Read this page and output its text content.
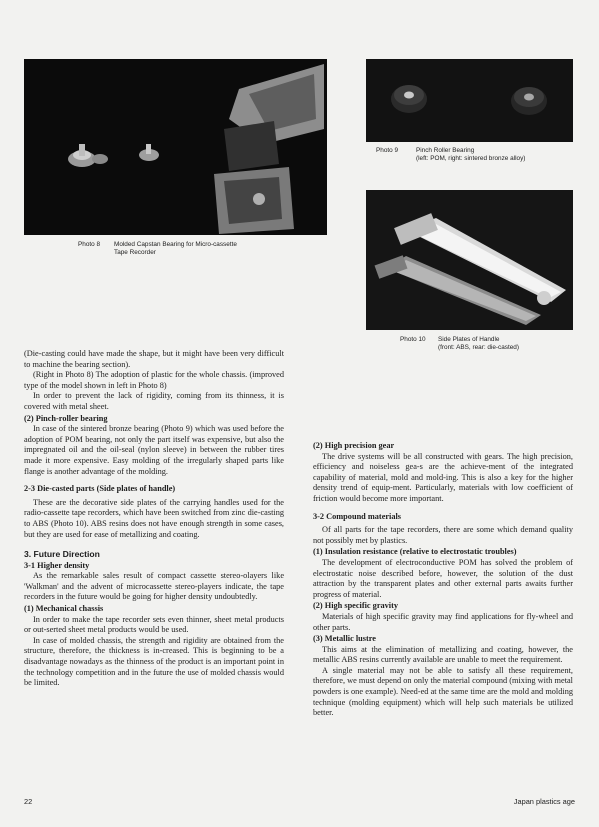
Photo 8 Molded Capstan Bearing for Micro-cassette
Tape Recorder
Photo 9	Pinch Roller Bearing
(left: POM, right: sintered bronze alloy)
Photo 10 Side Plates of Handle
(front: ABS, rear: die-casted)

(Die-casting could have made the shape, but it might have been very difficult to machine the bearing section).

(Right in Photo 8) The adoption of plastic for the whole chassis. (improved type of the model shown in left in Photo 8)

In order to prevent the lack of rigidity, coming from its thinness, it is covered with metal sheet.

(2) Pinch-roller bearing

In case of the sintered bronze bearing (Photo 9) which was used before the adoption of POM bearing, not only the part itself was expensive, but also the impregnated oil and the oil-seal (nylon sleeve) in between the rubber tires made it more expensive. Easy molding of the irregularly shaped parts like flange is another advantage of the molding.

2-3 Die-casted parts (Side plates of handle)

These are the decorative side plates of the carrying handles used for the radio-cassette tape recorders, which have been switched from zinc die-casting to ABS (Photo 10). ABS resins does not have enough strength in some cases, but they are used for ease of metallizing and coating.

3. Future Direction

3-1 Higher density

As the remarkable sales result of compact cassette stereo-olayers like 'Walkman' and the advent of microcassette stereo-players indicate, the tape recorders in the future would be going for higher density undoubtedly.

(1) Mechanical chassis

In order to make the tape recorder sets even thinner, sheet metal products or out-serted sheet metal products would be used.

In case of molded chassis, the strength and rigidity are obtained from the structure, therefore, the thickness is in-creased. This is beginning to be a disadvantage nowadays as the thinness of the product is an important point in the technology competition and in the future the use of molded chassis would be limited.

(2) High precision gear

The drive systems will be all constructed with gears. The high precision, efficiency and noiseless gea-s are the achieve-ment of the integrated capability of material, mold and mold-ing. This is also a key for the higher density trend of equip-ment. Particularly, materials with low coefficient of friction would become more important.

3-2 Compound materials

Of all parts for the tape recorders, there are some which demand quality not possibly met by plastics.

(1) Insulation resistance (relative to electrostatic troubles)

The development of electroconductive POM has solved the problem of electrostatic noise described before, however, the solution of the dust attraction by the transparent plates and other external parts awaits further progress of material.

(2) High specific gravity

Materials of high specific gravity may find applications for fly-wheel and other parts.

(3) Metallic lustre

This aims at the elimination of metallizing and coating, however, the metallic ABS resins currently available are unable to meet the requirement.

A single material may not be able to satisfy all these requirement, therefore, we must depend on only the material compound (mixing with metal powders is one example). Need-ed at the same time are the mold and molding technique (molding equipment) which will help such materials be utilized better.

22	Japan plastics age
